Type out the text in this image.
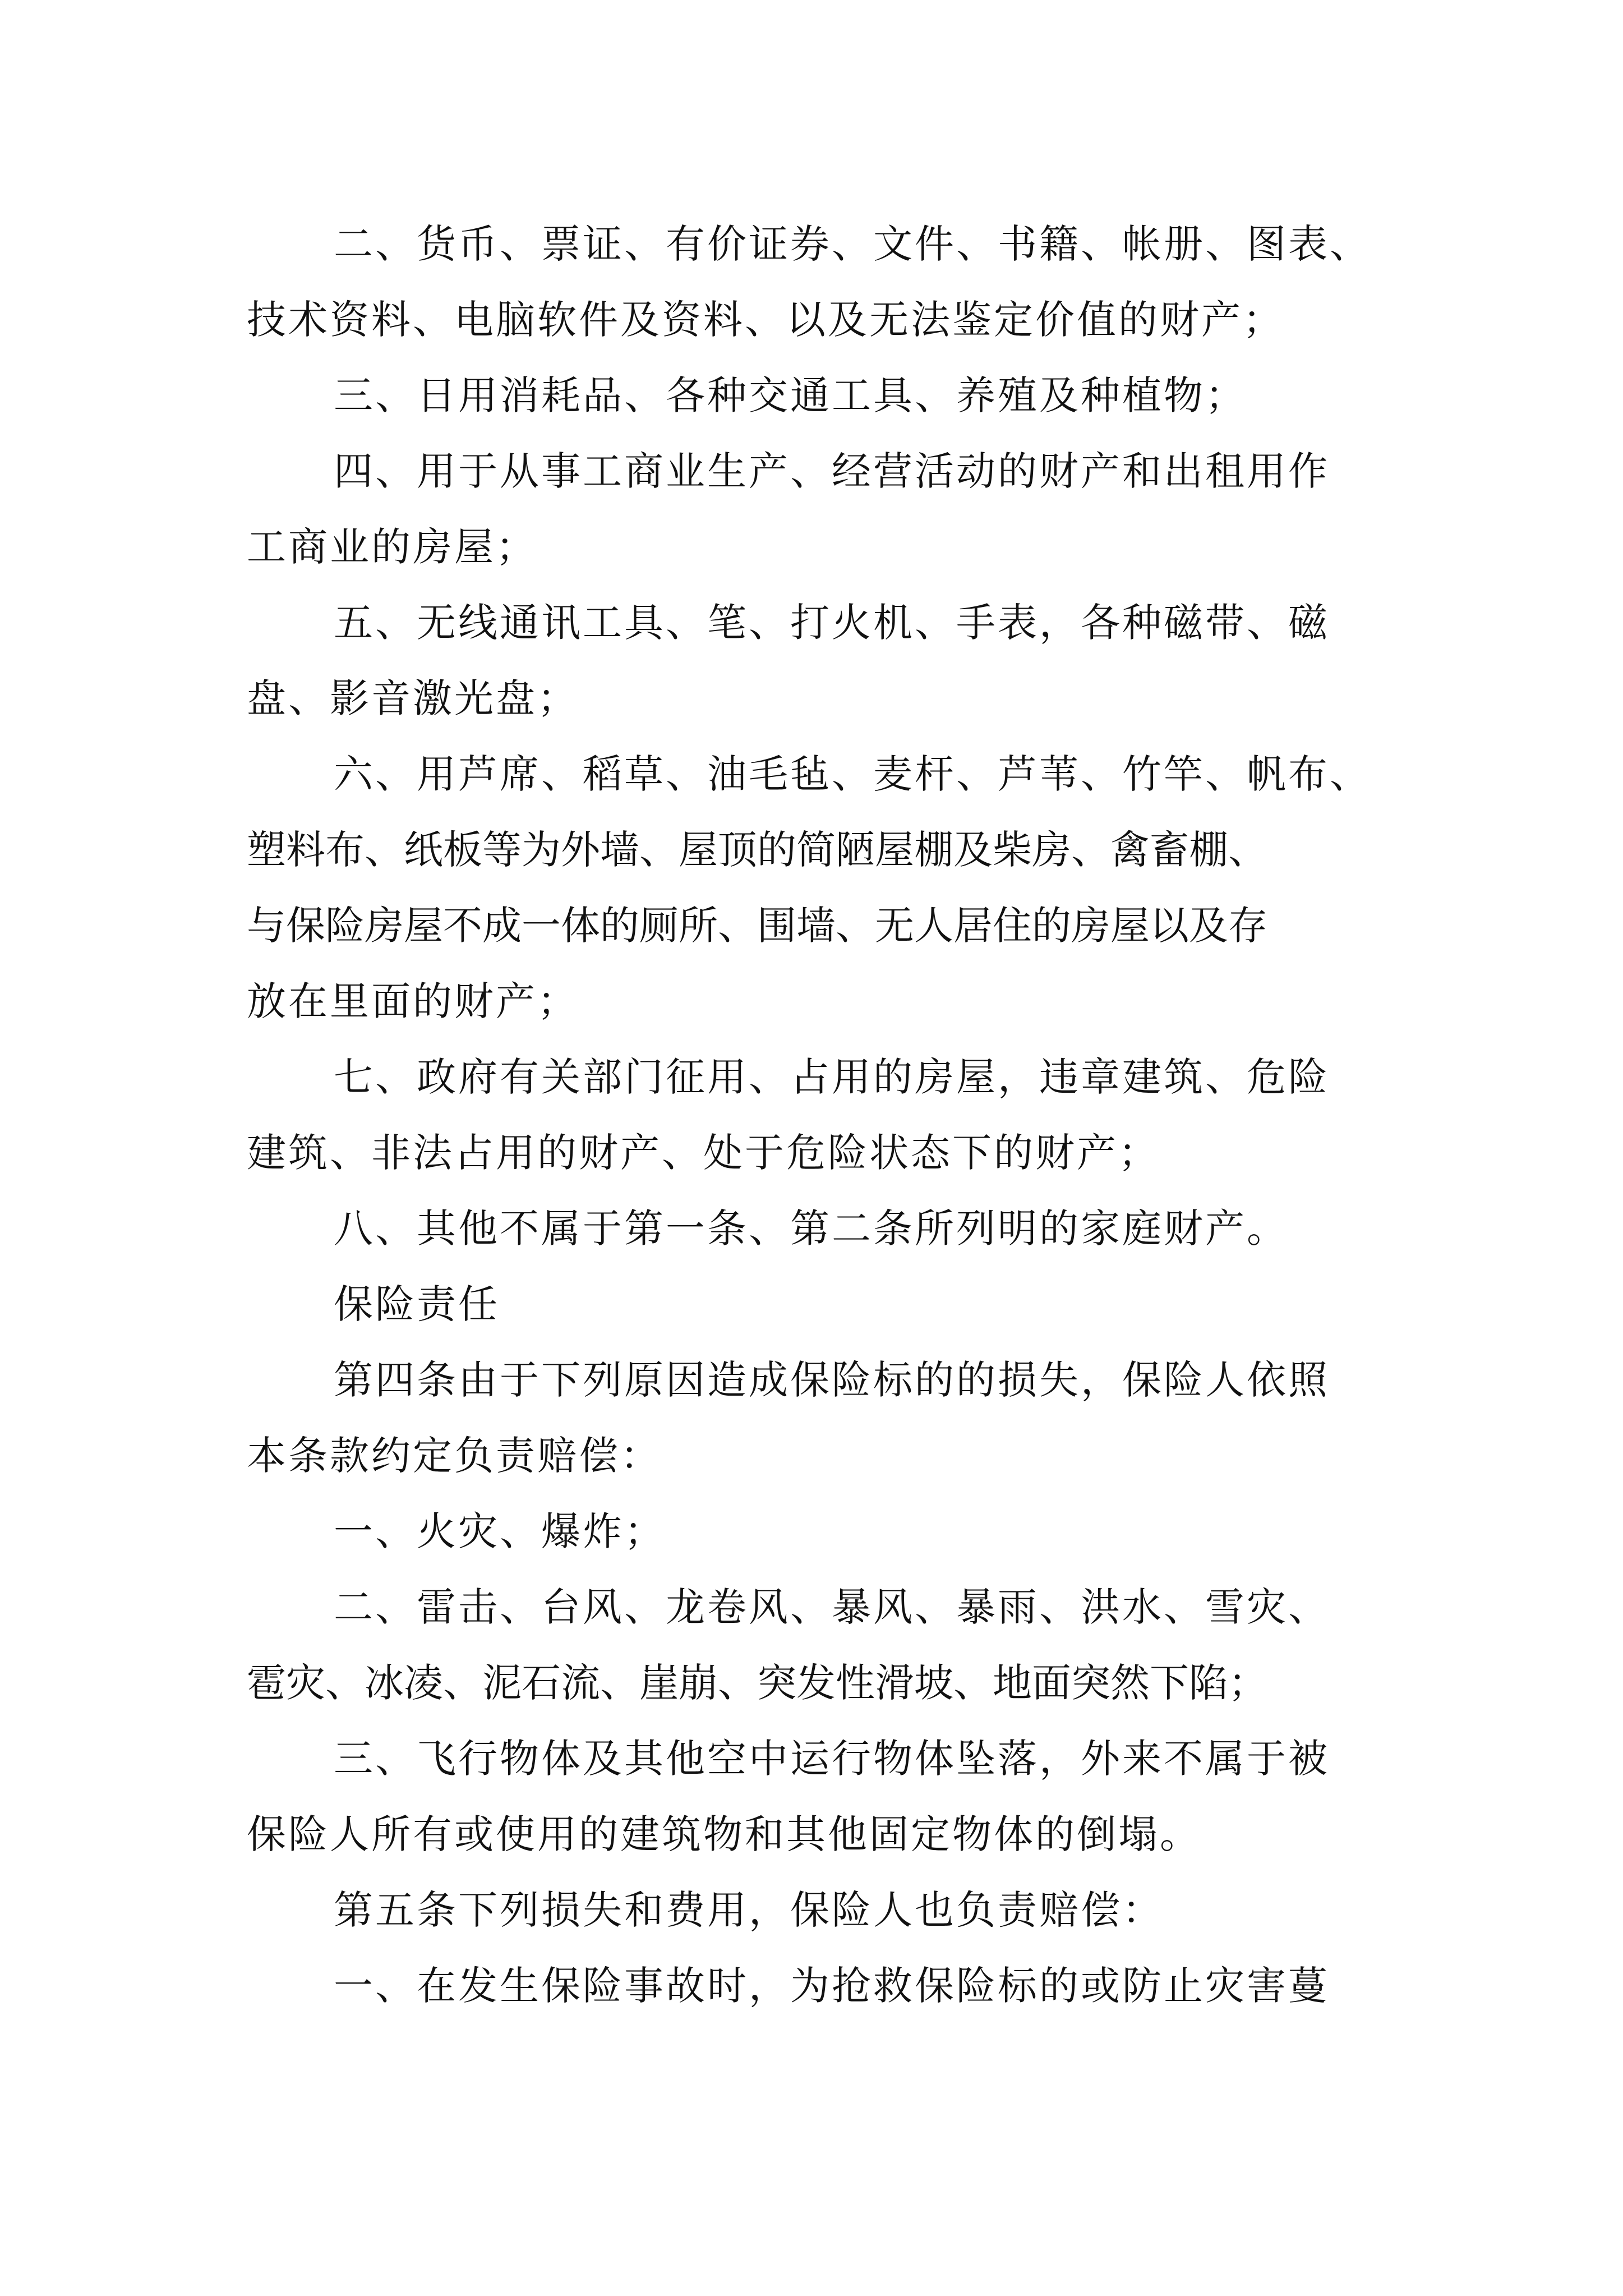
二、货币、票证、有价证券、文件、书籍、帐册、图表、
技术资料、电脑软件及资料、以及无法鉴定价值的财产；
三、日用消耗品、各种交通工具、养殖及种植物；
四、用于从事工商业生产、经营活动的财产和出租用作
工商业的房屋；
五、无线通讯工具、笔、打火机、手表，各种磁带、磁
盘、影音激光盘；
六、用芦席、稻草、油毛毡、麦杆、芦苇、竹竿、帆布、
塑料布、纸板等为外墙、屋顶的简陋屋棚及柴房、禽畜棚、
与保险房屋不成一体的厕所、围墙、无人居住的房屋以及存
放在里面的财产；
七、政府有关部门征用、占用的房屋，违章建筑、危险
建筑、非法占用的财产、处于危险状态下的财产；
八、其他不属于第一条、第二条所列明的家庭财产。
保险责任
第四条由于下列原因造成保险标的的损失，保险人依照
本条款约定负责赔偿：
一、火灾、爆炸；
二、雷击、台风、龙卷风、暴风、暴雨、洪水、雪灾、
雹灾、冰凌、泥石流、崖崩、突发性滑坡、地面突然下陷；
三、飞行物体及其他空中运行物体坠落，外来不属于被
保险人所有或使用的建筑物和其他固定物体的倒塌。
第五条下列损失和费用，保险人也负责赔偿：
一、在发生保险事故时，为抢救保险标的或防止灾害蔓
